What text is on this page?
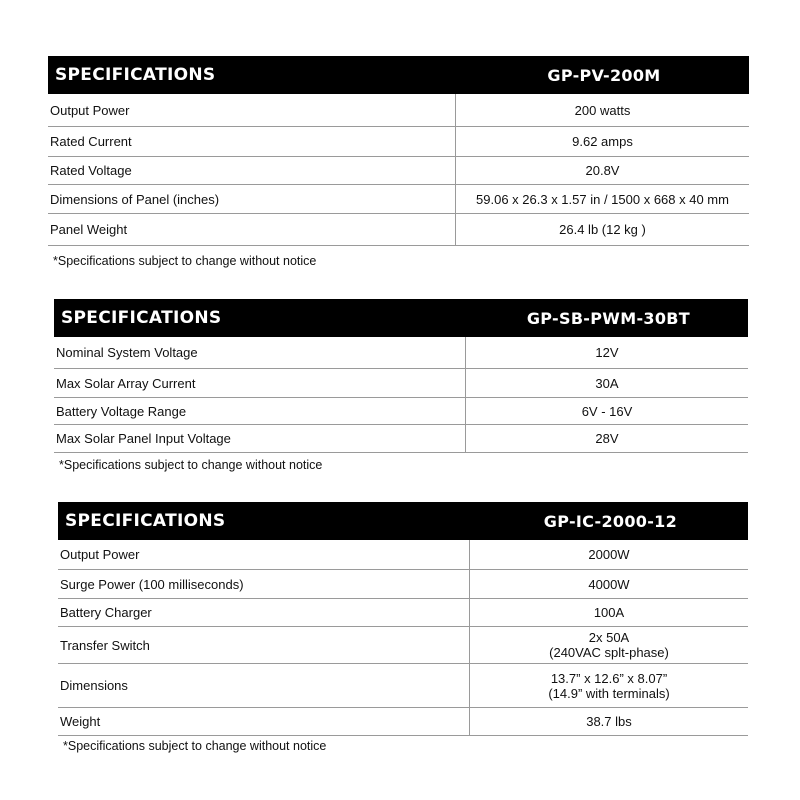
SPECIFICATIONS	GP-PV-200M
Output Power	200 watts
Rated Current	9.62 amps
Rated Voltage	20.8V
Dimensions of Panel (inches)	59.06 x 26.3 x 1.57 in / 1500 x 668 x 40 mm
Panel Weight	26.4 lb (12 kg )
*Specifications subject to change without notice
SPECIFICATIONS	GP-SB-PWM-30BT
Nominal System Voltage	12V
Max Solar Array Current	30A
Battery Voltage Range	6V - 16V
Max Solar Panel Input Voltage	28V
*Specifications subject to change without notice
SPECIFICATIONS	GP-IC-2000-12
Output Power	2000W
Surge Power (100 milliseconds)	4000W
Battery Charger	100A
Transfer Switch	2x 50A
(240VAC splt-phase)
Dimensions	13.7” x 12.6” x 8.07”
(14.9” with terminals)
Weight	38.7 lbs
*Specifications subject to change without notice
